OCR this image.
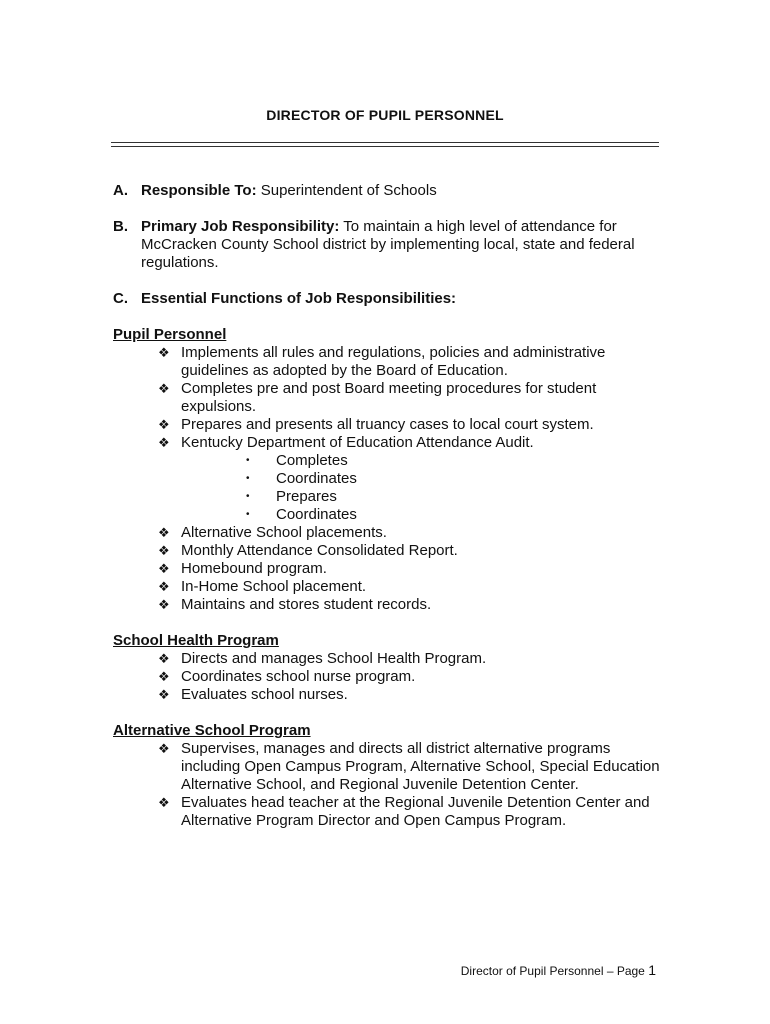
DIRECTOR OF PUPIL PERSONNEL
A. Responsible To: Superintendent of Schools
B. Primary Job Responsibility: To maintain a high level of attendance for McCracken County School district by implementing local, state and federal regulations.
C. Essential Functions of Job Responsibilities:
Pupil Personnel
❖ Implements all rules and regulations, policies and administrative guidelines as adopted by the Board of Education.
❖ Completes pre and post Board meeting procedures for student expulsions.
❖ Prepares and presents all truancy cases to local court system.
❖ Kentucky Department of Education Attendance Audit.
•	Completes
•	Coordinates
•	Prepares
•	Coordinates
❖ Alternative School placements.
❖ Monthly Attendance Consolidated Report.
❖ Homebound program.
❖ In-Home School placement.
❖ Maintains and stores student records.
School Health Program
❖ Directs and manages School Health Program.
❖ Coordinates school nurse program.
❖ Evaluates school nurses.
Alternative School Program
❖ Supervises, manages and directs all district alternative programs including Open Campus Program, Alternative School, Special Education Alternative School, and Regional Juvenile Detention Center.
❖ Evaluates head teacher at the Regional Juvenile Detention Center and Alternative Program Director and Open Campus Program.
Director of Pupil Personnel – Page 1
